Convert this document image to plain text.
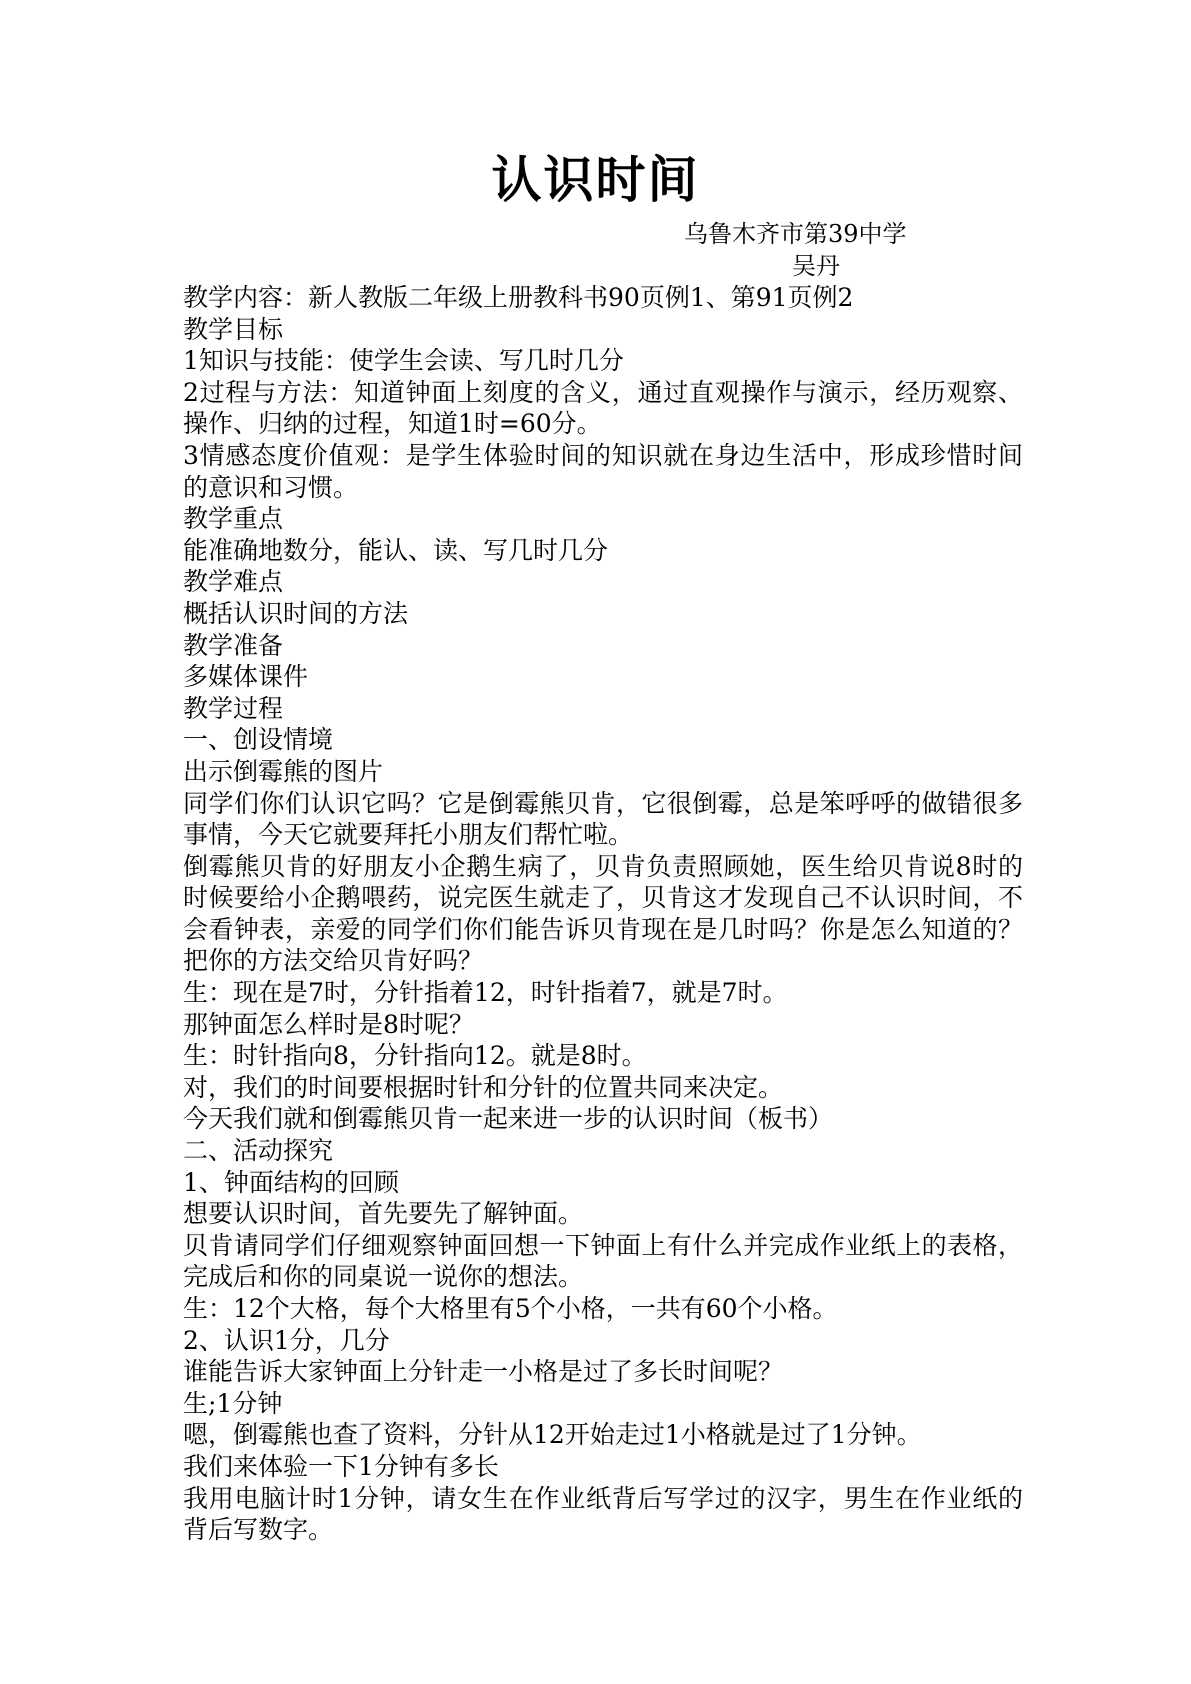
认识时间
乌鲁木齐市第39中学
吴丹

教学内容：新人教版二年级上册教科书90页例1、第91页例2

教学目标

1知识与技能：使学生会读、写几时几分

2过程与方法：知道钟面上刻度的含义，通过直观操作与演示，经历观察、操作、归纳的过程，知道1时=60分。

3情感态度价值观：是学生体验时间的知识就在身边生活中，形成珍惜时间的意识和习惯。

教学重点

能准确地数分，能认、读、写几时几分

教学难点

概括认识时间的方法

教学准备

多媒体课件

教学过程

一、创设情境

出示倒霉熊的图片

同学们你们认识它吗？它是倒霉熊贝肯，它很倒霉，总是笨呼呼的做错很多事情，今天它就要拜托小朋友们帮忙啦。

倒霉熊贝肯的好朋友小企鹅生病了，贝肯负责照顾她，医生给贝肯说8时的时候要给小企鹅喂药，说完医生就走了，贝肯这才发现自己不认识时间，不会看钟表，亲爱的同学们你们能告诉贝肯现在是几时吗？你是怎么知道的？把你的方法交给贝肯好吗？

生：现在是7时，分针指着12，时针指着7，就是7时。

那钟面怎么样时是8时呢？

生：时针指向8，分针指向12。就是8时。

对，我们的时间要根据时针和分针的位置共同来决定。

今天我们就和倒霉熊贝肯一起来进一步的认识时间（板书）

二、活动探究

1、钟面结构的回顾

想要认识时间，首先要先了解钟面。

贝肯请同学们仔细观察钟面回想一下钟面上有什么并完成作业纸上的表格，完成后和你的同桌说一说你的想法。

生：12个大格，每个大格里有5个小格，一共有60个小格。

2、认识1分，几分

谁能告诉大家钟面上分针走一小格是过了多长时间呢？

生;1分钟

嗯，倒霉熊也查了资料，分针从12开始走过1小格就是过了1分钟。

我们来体验一下1分钟有多长

我用电脑计时1分钟，请女生在作业纸背后写学过的汉字，男生在作业纸的背后写数字。
